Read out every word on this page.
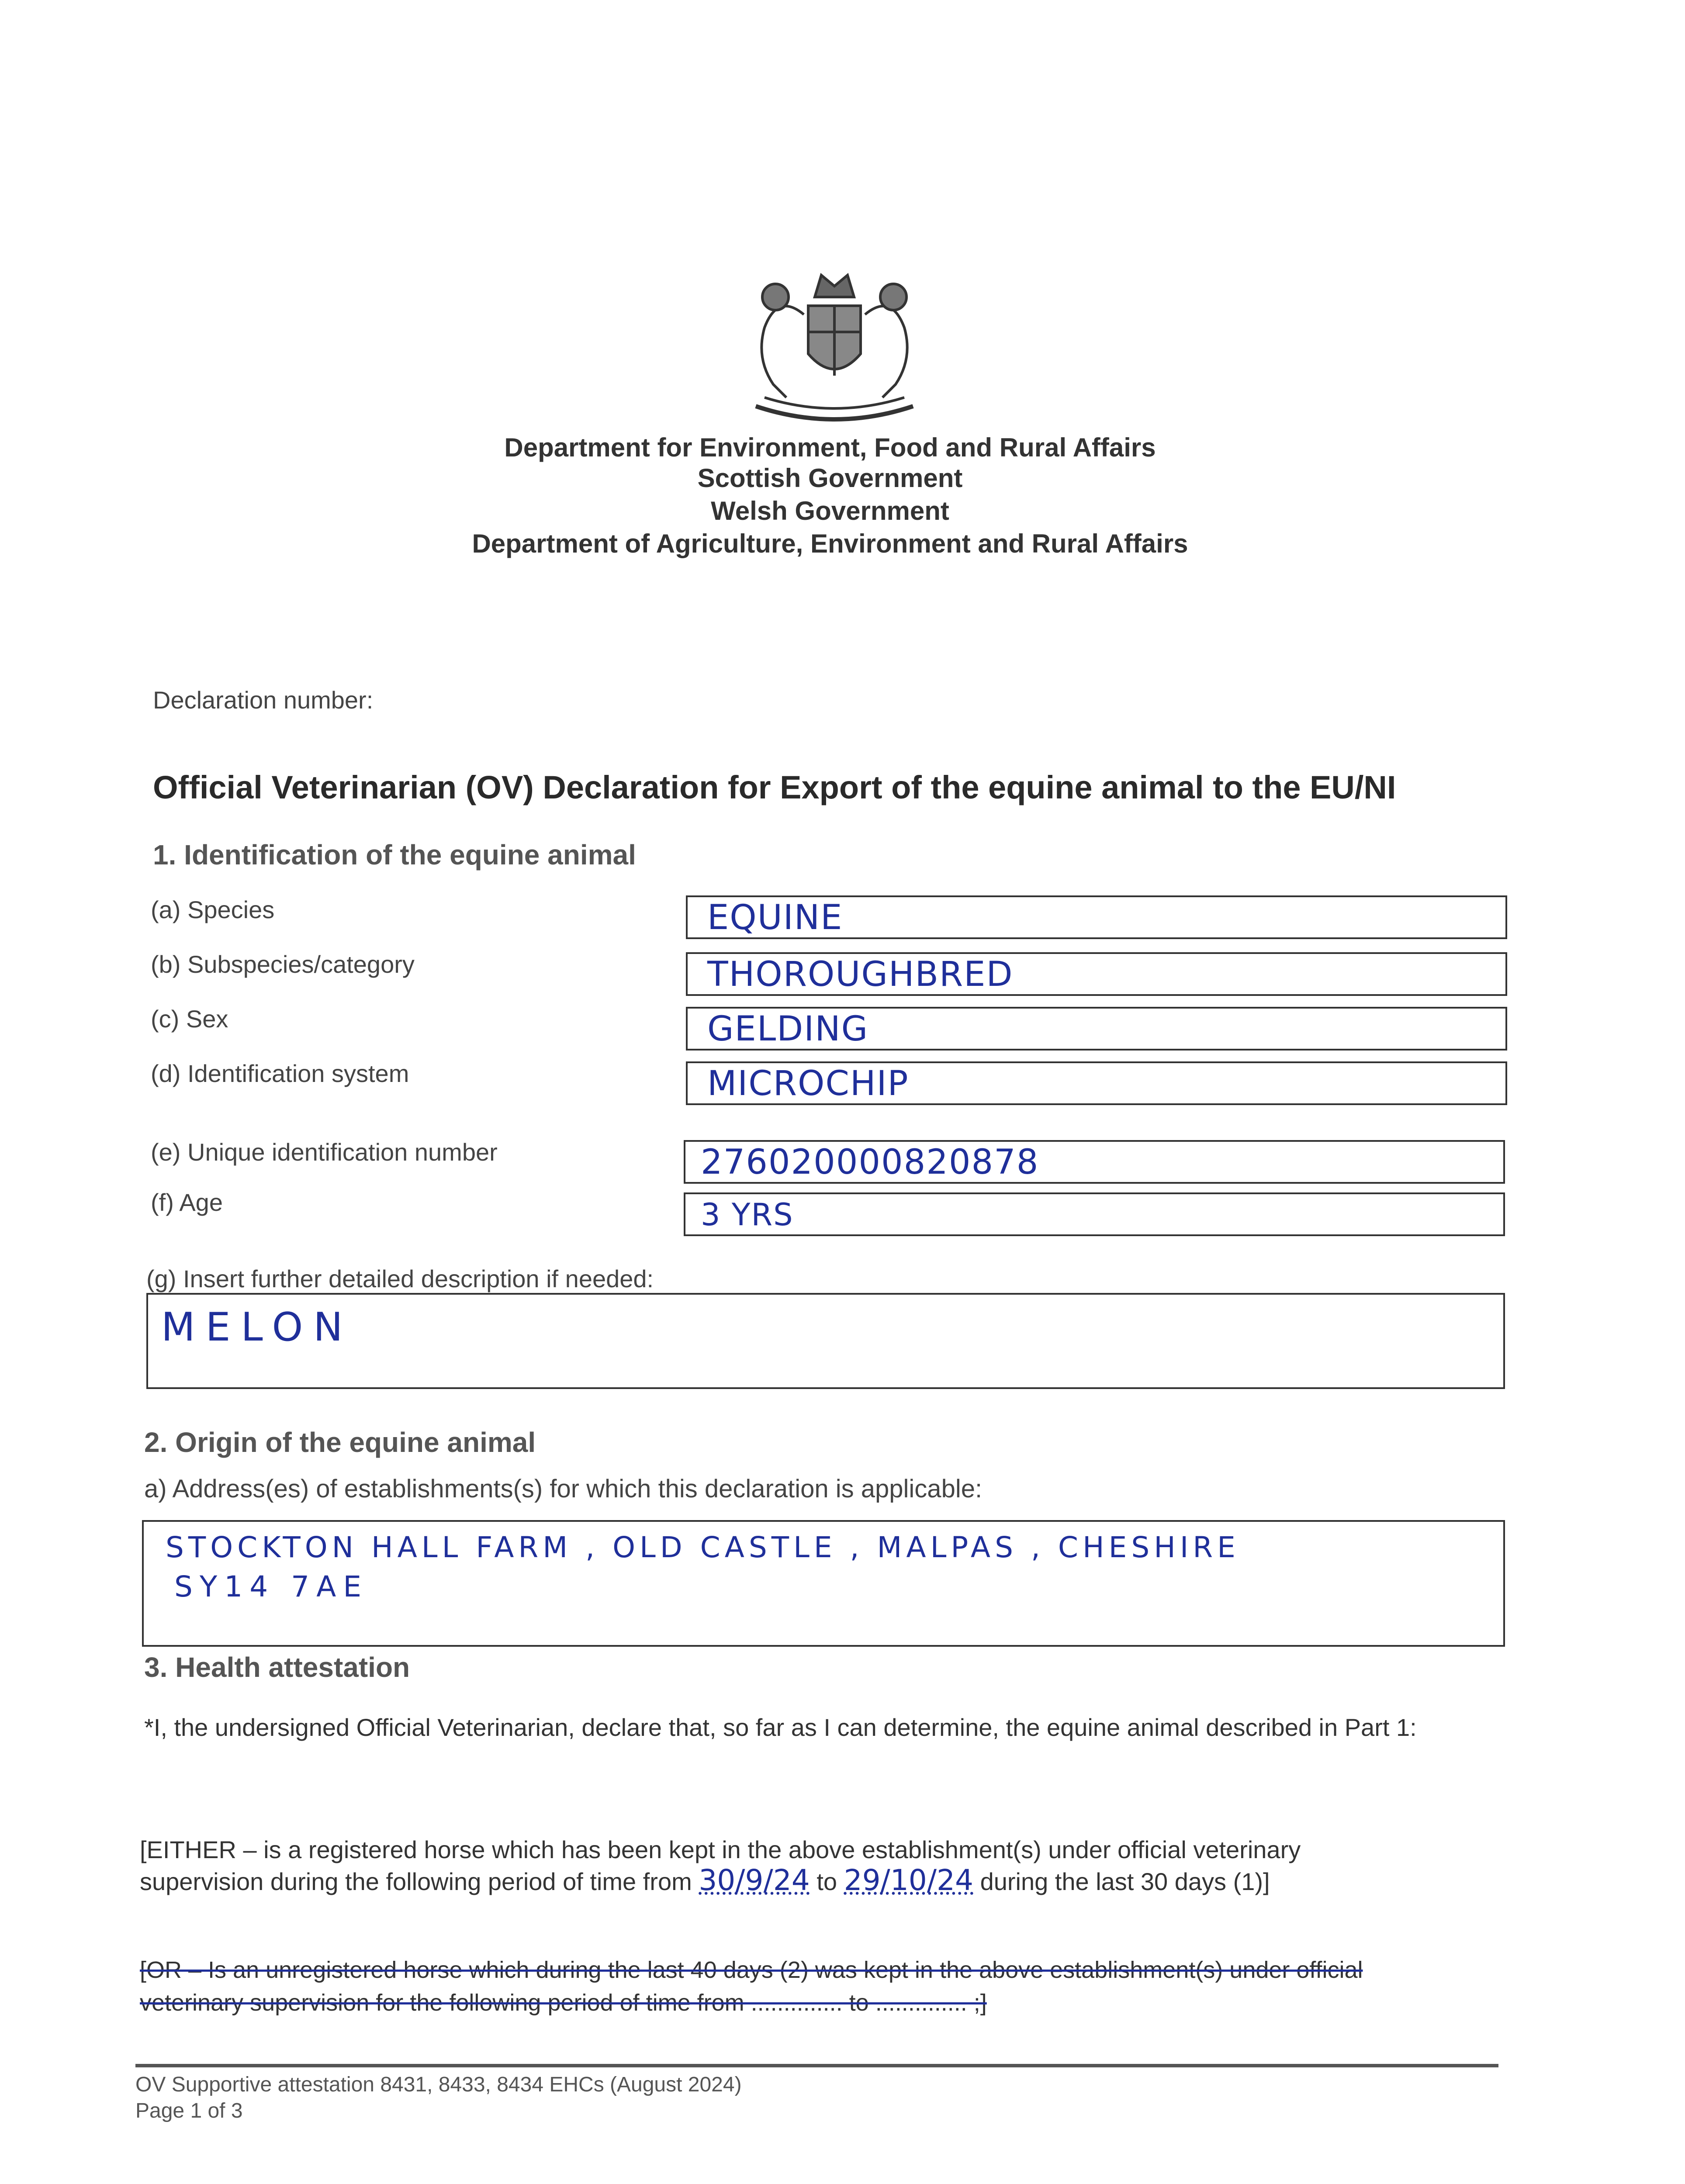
Department for Environment, Food and Rural Affairs
Scottish Government
Welsh Government
Department of Agriculture, Environment and Rural Affairs
Declaration number:
Official Veterinarian (OV) Declaration for Export of the equine animal to the EU/NI
1. Identification of the equine animal
(a) Species	EQUINE
(b) Subspecies/category	THOROUGHBRED
(c) Sex	GELDING
(d) Identification system	MICROCHIP
(e) Unique identification number	276020000820878
(f) Age	3 YRS
(g) Insert further detailed description if needed:
MELON
2. Origin of the equine animal
a) Address(es) of establishments(s) for which this declaration is applicable:
STOCKTON HALL FARM , OLD CASTLE , MALPAS , CHESHIRE
SY14 7AE
3. Health attestation
*I, the undersigned Official Veterinarian, declare that, so far as I can determine, the equine animal described in Part 1:
[EITHER – is a registered horse which has been kept in the above establishment(s) under official veterinary
supervision during the following period of time from 30/9/24 to 29/10/24 during the last 30 days (1)]
[OR – Is an unregistered horse which during the last 40 days (2) was kept in the above establishment(s) under official
veterinary supervision for the following period of time from .............. to .............. ;]
OV Supportive attestation 8431, 8433, 8434 EHCs (August 2024)
Page 1 of 3
